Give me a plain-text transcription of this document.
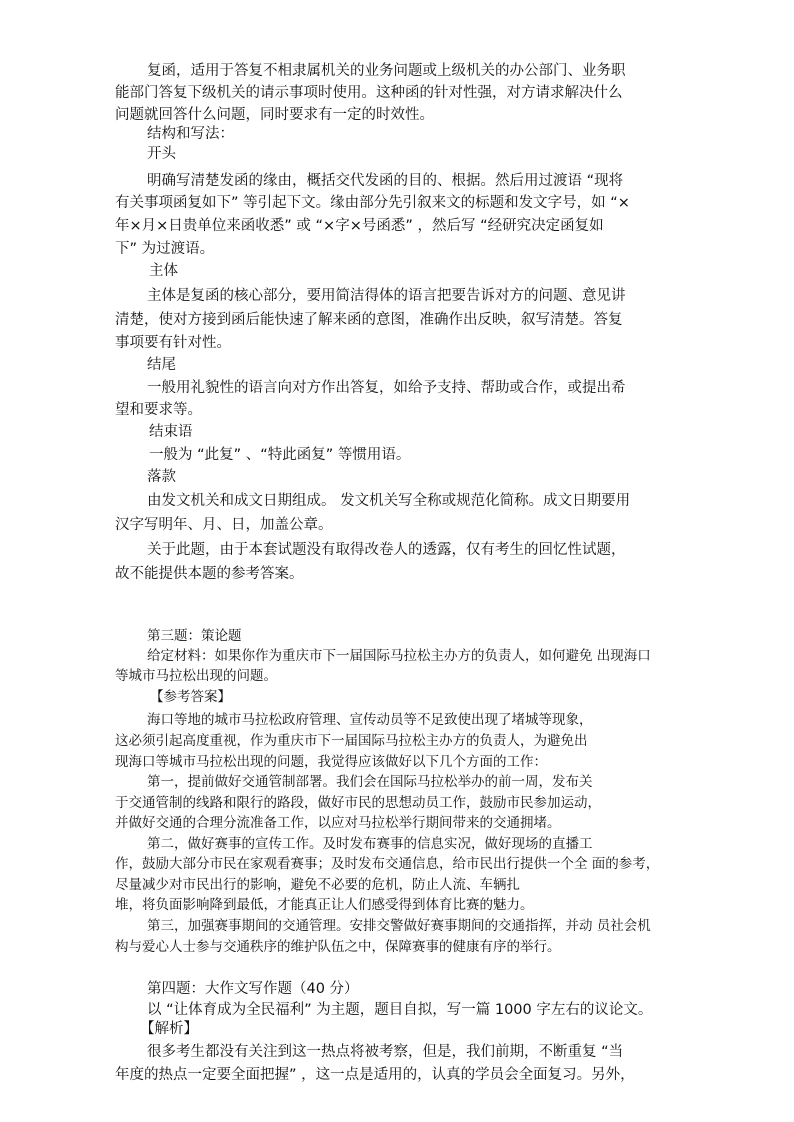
复函，适用于答复不相隶属机关的业务问题或上级机关的办公部门、业务职
能部门答复下级机关的请示事项时使用。这种函的针对性强，对方请求解决什么
问题就回答什么问题，同时要求有一定的时效性。
结构和写法：
开头
明确写清楚发函的缘由，概括交代发函的目的、根据。然后用过渡语 “现将
有关事项函复如下” 等引起下文。缘由部分先引叙来文的标题和发文字号，如 “×
年×月×日贵单位来函收悉” 或 “×字×号函悉” ，然后写 “经研究决定函复如
下” 为过渡语。
主体
主体是复函的核心部分，要用简洁得体的语言把要告诉对方的问题、意见讲
清楚，使对方接到函后能快速了解来函的意图，准确作出反映，叙写清楚。答复
事项要有针对性。
结尾
一般用礼貌性的语言向对方作出答复，如给予支持、帮助或合作，或提出希
望和要求等。
结束语
一般为 “此复” 、“特此函复” 等惯用语。
落款
由发文机关和成文日期组成。 发文机关写全称或规范化简称。成文日期要用
汉字写明年、月、日，加盖公章。
关于此题，由于本套试题没有取得改卷人的透露，仅有考生的回忆性试题，
故不能提供本题的参考答案。
第三题：策论题
给定材料：如果你作为重庆市下一届国际马拉松主办方的负责人，如何避免 出现海口
等城市马拉松出现的问题。
【参考答案】
海口等地的城市马拉松政府管理、宣传动员等不足致使出现了堵城等现象，
这必须引起高度重视，作为重庆市下一届国际马拉松主办方的负责人，为避免出
现海口等城市马拉松出现的问题，我觉得应该做好以下几个方面的工作：
第一，提前做好交通管制部署。我们会在国际马拉松举办的前一周，发布关
于交通管制的线路和限行的路段，做好市民的思想动员工作，鼓励市民参加运动，
并做好交通的合理分流准备工作，以应对马拉松举行期间带来的交通拥堵。
第二，做好赛事的宣传工作。及时发布赛事的信息实况，做好现场的直播工
作，鼓励大部分市民在家观看赛事；及时发布交通信息，给市民出行提供一个全 面的参考，
尽量减少对市民出行的影响，避免不必要的危机，防止人流、车辆扎
堆，将负面影响降到最低，才能真正让人们感受得到体育比赛的魅力。
第三，加强赛事期间的交通管理。安排交警做好赛事期间的交通指挥，并动 员社会机
构与爱心人士参与交通秩序的维护队伍之中，保障赛事的健康有序的举行。
第四题：大作文写作题（40 分）
以 “让体育成为全民福利” 为主题，题目自拟，写一篇 1000 字左右的议论文。
【解析】
很多考生都没有关注到这一热点将被考察，但是，我们前期，不断重复 “当
年度的热点一定要全面把握” ，这一点是适用的，认真的学员会全面复习。另外，
